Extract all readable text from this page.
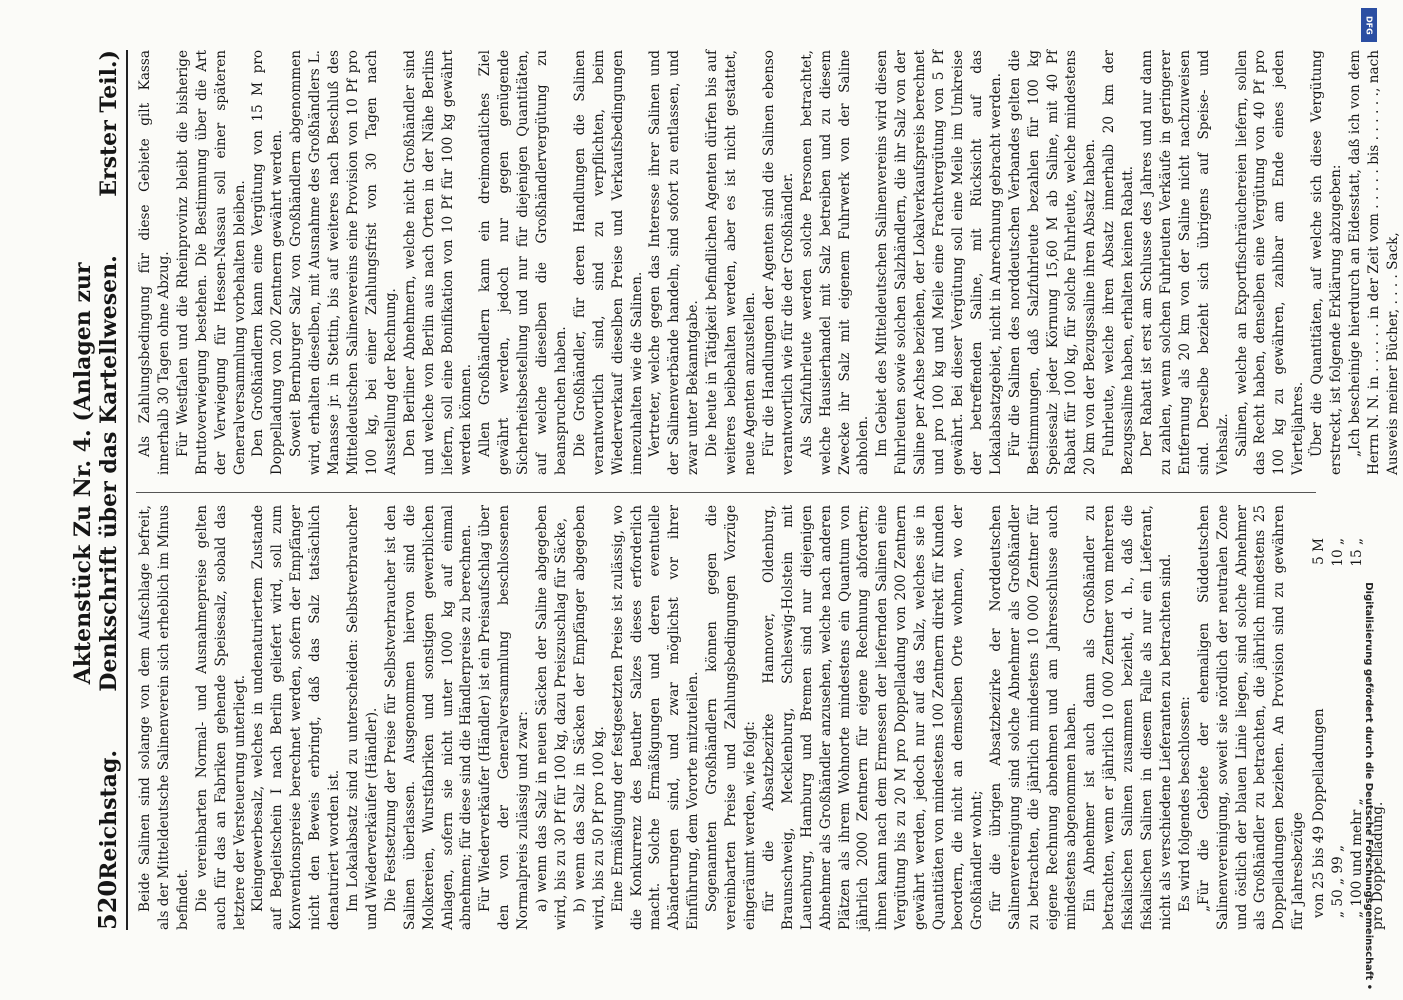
520
Reichstag.
Aktenstück Zu Nr. 4. (Anlagen zur Denkschrift über das Kartellwesen.
Erster Teil.)

Beide Salinen sind solange von dem Aufschlage befreit, als der Mitteldeutsche Salinenverein sich erheblich im Minus befindet. Die vereinbarten Normal- und Ausnahmepreise gelten auch für das an Fabriken gehende Speisesalz, sobald das letztere der Versteuerung unterliegt. Kleingewerbesalz, welches in undenaturiertem Zustande auf Begleitschein I nach Berlin geliefert wird, soll zum Konventionspreise berechnet werden, sofern der Empfänger nicht den Beweis erbringt, daß das Salz tatsächlich denaturiert worden ist. Im Lokalabsatz sind zu unterscheiden: Selbstverbraucher und Wiederverkäufer (Händler). Die Festsetzung der Preise für Selbstverbraucher ist den Salinen überlassen. Ausgenommen hiervon sind die Molkereien, Wurstfabriken und sonstigen gewerblichen Anlagen, sofern sie nicht unter 1000 kg auf einmal abnehmen; für diese sind die Händlerpreise zu berechnen. Für Wiederverkäufer (Händler) ist ein Preisaufschlag über den von der Generalversammlung beschlossenen Normalpreis zulässig und zwar: a) wenn das Salz in neuen Säcken der Saline abgegeben wird, bis zu 30 Pf für 100 kg, dazu Preiszuschlag für Säcke, b) wenn das Salz in Säcken der Empfänger abgegeben wird, bis zu 50 Pf pro 100 kg. Eine Ermäßigung der festgesetzten Preise ist zulässig, wo die Konkurrenz des Beuther Salzes dieses erforderlich macht. Solche Ermäßigungen und deren eventuelle Abänderungen sind, und zwar möglichst vor ihrer Einführung, dem Vororte mitzuteilen. Sogenannten Großhändlern können gegen die vereinbarten Preise und Zahlungsbedingungen Vorzüge eingeräumt werden, wie folgt: für die Absatzbezirke Hannover, Oldenburg, Braunschweig, Mecklenburg, Schleswig-Holstein mit Lauenburg, Hamburg und Bremen sind nur diejenigen Abnehmer als Großhändler anzusehen, welche nach anderen Plätzen als ihrem Wohnorte mindestens ein Quantum von jährlich 2000 Zentnern für eigene Rechnung abfordern; ihnen kann nach dem Ermessen der liefernden Salinen eine Vergütung bis zu 20 M pro Doppelladung von 200 Zentnern gewährt werden, jedoch nur auf das Salz, welches sie in Quantitäten von mindestens 100 Zentnern direkt für Kunden beordern, die nicht an demselben Orte wohnen, wo der Großhändler wohnt; für die übrigen Absatzbezirke der Norddeutschen Salinenvereinigung sind solche Abnehmer als Großhändler zu betrachten, die jährlich mindestens 10 000 Zentner für eigene Rechnung abnehmen und am Jahresschlusse auch mindestens abgenommen haben. Ein Abnehmer ist auch dann als Großhändler zu betrachten, wenn er jährlich 10 000 Zentner von mehreren fiskalischen Salinen zusammen bezieht, d. h., daß die fiskalischen Salinen in diesem Falle als nur ein Lieferant, nicht als verschiedene Lieferanten zu betrachten sind. Es wird folgendes beschlossen: „Für die Gebiete der ehemaligen Süddeutschen Salinenvereinigung, soweit sie nördlich der neutralen Zone und östlich der blauen Linie liegen, sind solche Abnehmer als Großhändler zu betrachten, die jährlich mindestens 25 Doppelladungen beziehen. An Provision sind zu gewähren für Jahresbezüge von 25 bis 49 Doppelladungen
5 M
„ 50 „ 99 „
10 „
„ 100 und mehr „
15 „

pro Doppelladung.

Als Zahlungsbedingung für diese Gebiete gilt Kassa innerhalb 30 Tagen ohne Abzug. Für Westfalen und die Rheinprovinz bleibt die bisherige Bruttoverwiegung bestehen. Die Bestimmung über die Art der Verwiegung für Hessen-Nassau soll einer späteren Generalversammlung vorbehalten bleiben. Den Großhändlern kann eine Vergütung von 15 M pro Doppelladung von 200 Zentnern gewährt werden. Soweit Bernburger Salz von Großhändlern abgenommen wird, erhalten dieselben, mit Ausnahme des Großhändlers L. Manasse jr. in Stettin, bis auf weiteres nach Beschluß des Mitteldeutschen Salinenvereins eine Provision von 10 Pf pro 100 kg, bei einer Zahlungsfrist von 30 Tagen nach Ausstellung der Rechnung. Den Berliner Abnehmern, welche nicht Großhändler sind und welche von Berlin aus nach Orten in der Nähe Berlins liefern, soll eine Bonifikation von 10 Pf für 100 kg gewährt werden können. Allen Großhändlern kann ein dreimonatliches Ziel gewährt werden, jedoch nur gegen genügende Sicherheitsbestellung und nur für diejenigen Quantitäten, auf welche dieselben die Großhändlervergütung zu beanspruchen haben. Die Großhändler, für deren Handlungen die Salinen verantwortlich sind, sind zu verpflichten, beim Wiederverkauf dieselben Preise und Verkaufsbedingungen innezuhalten wie die Salinen. Vertreter, welche gegen das Interesse ihrer Salinen und der Salinenverbände handeln, sind sofort zu entlassen, und zwar unter Bekanntgabe. Die heute in Tätigkeit befindlichen Agenten dürfen bis auf weiteres beibehalten werden, aber es ist nicht gestattet, neue Agenten anzustellen. Für die Handlungen der Agenten sind die Salinen ebenso verantwortlich wie für die der Großhändler. Als Salzfuhrleute werden solche Personen betrachtet, welche Hausierhandel mit Salz betreiben und zu diesem Zwecke ihr Salz mit eigenem Fuhrwerk von der Saline abholen. Im Gebiet des Mitteldeutschen Salinenvereins wird diesen Fuhrleuten sowie solchen Salzhändlern, die ihr Salz von der Saline per Achse beziehen, der Lokalverkaufspreis berechnet und pro 100 kg und Meile eine Frachtvergütung von 5 Pf gewährt. Bei dieser Vergütung soll eine Meile im Umkreise der betreffenden Saline, mit Rücksicht auf das Lokalabsatzgebiet, nicht in Anrechnung gebracht werden. Für die Salinen des norddeutschen Verbandes gelten die Bestimmungen, daß Salzfuhrleute bezahlen für 100 kg Speisesalz jeder Körnung 15,60 M ab Saline, mit 40 Pf Rabatt für 100 kg, für solche Fuhrleute, welche mindestens 20 km von der Bezugssaline ihren Absatz haben. Fuhrleute, welche ihren Absatz innerhalb 20 km der Bezugssaline haben, erhalten keinen Rabatt. Der Rabatt ist erst am Schlusse des Jahres und nur dann zu zahlen, wenn solchen Fuhrleuten Verkäufe in geringerer Entfernung als 20 km von der Saline nicht nachzuweisen sind. Derselbe bezieht sich übrigens auf Speise- und Viehsalz. Salinen, welche an Exportfischräuchereien liefern, sollen das Recht haben, denselben eine Vergütung von 40 Pf pro 100 kg zu gewähren, zahlbar am Ende eines jeden Vierteljahres. Über die Quantitäten, auf welche sich diese Vergütung erstreckt, ist folgende Erklärung abzugeben: „Ich bescheinige hierdurch an Eidesstatt, daß ich von dem Herrn N. N. in . . . . . . in der Zeit vom . . . . . bis . . . . . ., nach Ausweis meiner Bücher, . . . . Sack,

Digitalisierung gefördert durch die Deutsche Forschungsgemeinschaft •
DFG
